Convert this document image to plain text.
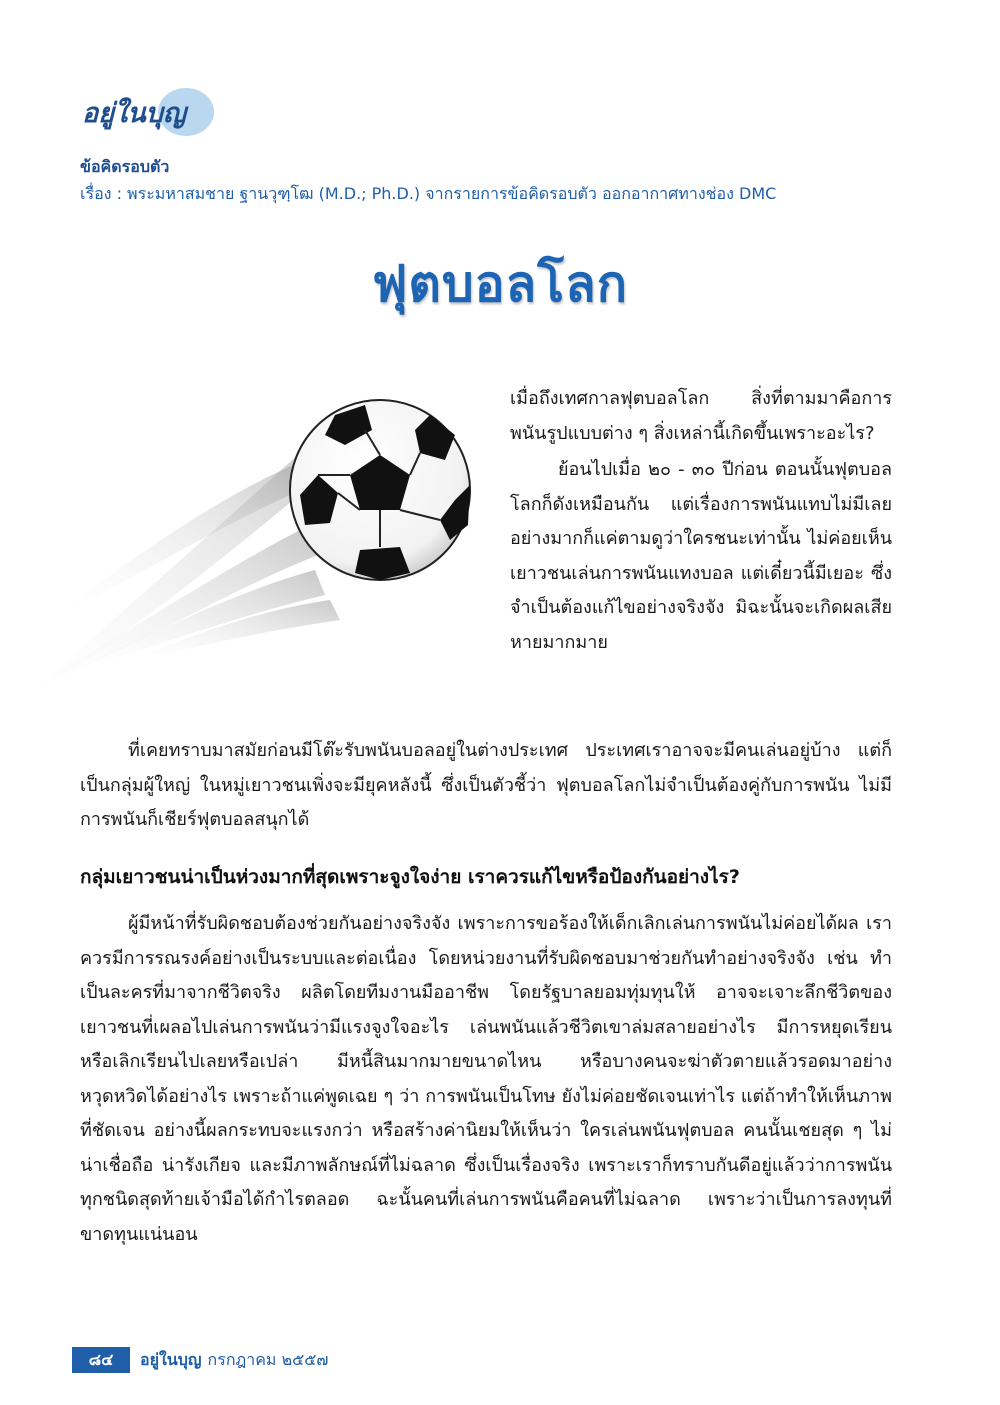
อยู่ในบุญ
ข้อคิดรอบตัว
เรื่อง : พระมหาสมชาย ฐานวุฑฺโฒ (M.D.; Ph.D.) จากรายการข้อคิดรอบตัว ออกอากาศทางช่อง DMC
ฟุตบอลโลก

เมื่อถึงเทศกาลฟุตบอลโลก สิ่งที่ตามมาคือการพนันรูปแบบต่าง ๆ สิ่งเหล่านี้เกิดขึ้นเพราะอะไร?

ย้อนไปเมื่อ ๒๐ - ๓๐ ปีก่อน ตอนนั้นฟุตบอลโลกก็ดังเหมือนกัน แต่เรื่องการพนันแทบไม่มีเลย อย่างมากก็แค่ตามดูว่าใครชนะเท่านั้น ไม่ค่อยเห็นเยาวชนเล่นการพนันแทงบอล แต่เดี๋ยวนี้มีเยอะ ซึ่งจำเป็นต้องแก้ไขอย่างจริงจัง มิฉะนั้นจะเกิดผลเสียหายมากมาย

ที่เคยทราบมาสมัยก่อนมีโต๊ะรับพนันบอลอยู่ในต่างประเทศ ประเทศเราอาจจะมีคนเล่นอยู่บ้าง แต่ก็เป็นกลุ่มผู้ใหญ่ ในหมู่เยาวชนเพิ่งจะมียุคหลังนี้ ซึ่งเป็นตัวชี้ว่า ฟุตบอลโลกไม่จำเป็นต้องคู่กับการพนัน ไม่มีการพนันก็เชียร์ฟุตบอลสนุกได้

กลุ่มเยาวชนน่าเป็นห่วงมากที่สุดเพราะจูงใจง่าย เราควรแก้ไขหรือป้องกันอย่างไร?

ผู้มีหน้าที่รับผิดชอบต้องช่วยกันอย่างจริงจัง เพราะการขอร้องให้เด็กเลิกเล่นการพนันไม่ค่อยได้ผล เราควรมีการรณรงค์อย่างเป็นระบบและต่อเนื่อง โดยหน่วยงานที่รับผิดชอบมาช่วยกันทำอย่างจริงจัง เช่น ทำเป็นละครที่มาจากชีวิตจริง ผลิตโดยทีมงานมืออาชีพ โดยรัฐบาลยอมทุ่มทุนให้ อาจจะเจาะลึกชีวิตของเยาวชนที่เผลอไปเล่นการพนันว่ามีแรงจูงใจอะไร เล่นพนันแล้วชีวิตเขาล่มสลายอย่างไร มีการหยุดเรียนหรือเลิกเรียนไปเลยหรือเปล่า มีหนี้สินมากมายขนาดไหน หรือบางคนจะฆ่าตัวตายแล้วรอดมาอย่างหวุดหวิดได้อย่างไร เพราะถ้าแค่พูดเฉย ๆ ว่า การพนันเป็นโทษ ยังไม่ค่อยชัดเจนเท่าไร แต่ถ้าทำให้เห็นภาพที่ชัดเจน อย่างนี้ผลกระทบจะแรงกว่า หรือสร้างค่านิยมให้เห็นว่า ใครเล่นพนันฟุตบอล คนนั้นเชยสุด ๆ ไม่น่าเชื่อถือ น่ารังเกียจ และมีภาพลักษณ์ที่ไม่ฉลาด ซึ่งเป็นเรื่องจริง เพราะเราก็ทราบกันดีอยู่แล้วว่าการพนันทุกชนิดสุดท้ายเจ้ามือได้กำไรตลอด ฉะนั้นคนที่เล่นการพนันคือคนที่ไม่ฉลาด เพราะว่าเป็นการลงทุนที่ขาดทุนแน่นอน

๘๔	อยู่ในบุญ กรกฎาคม ๒๕๕๗
